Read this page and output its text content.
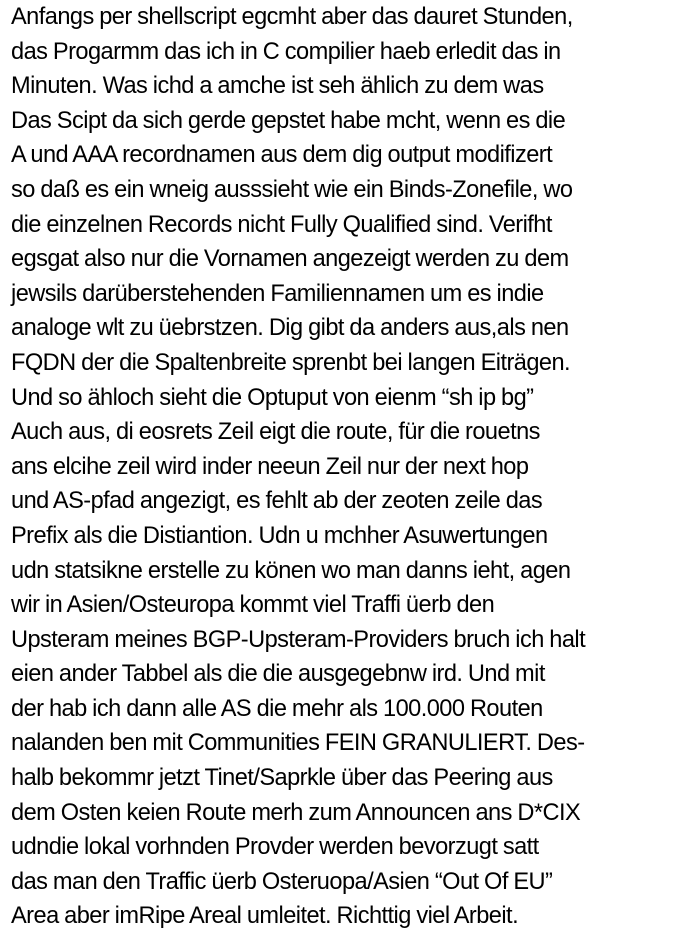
Anfangs per shellscript egcmht aber das dauret Stunden,
das Progarmm das ich in C compilier haeb erledit das in
Minuten. Was ichd a amche ist seh ählich zu dem was
Das Scipt da sich gerde gepstet habe mcht, wenn es die
A und AAA recordnamen aus dem dig output modifizert
so daß es ein wneig ausssieht wie ein Binds-Zonefile, wo
die einzelnen Records nicht Fully Qualified sind. Verifht
egsgat also nur die Vornamen angezeigt werden zu dem
jewsils darüberstehenden Familiennamen um es indie
analoge wlt zu üebrstzen. Dig gibt da anders aus,als nen
FQDN der die Spaltenbreite sprenbt bei langen Eiträgen.
Und so ähloch sieht die Optuput von eienm “sh ip bg”
Auch aus, di eosrets Zeil eigt die route, für die rouetns
ans elcihe zeil wird inder neeun Zeil nur der next hop
und AS-pfad angezigt, es fehlt ab der zeoten zeile das
Prefix als die Distiantion. Udn u mchher Asuwertungen
udn statsikne erstelle zu könen wo man danns ieht, agen
wir in Asien/Osteuropa kommt viel Traffi üerb den
Upsteram meines BGP-Upsteram-Providers bruch ich halt
eien ander Tabbel als die die ausgegebnw ird. Und mit
der hab ich dann alle AS die mehr als 100.000 Routen
nalanden ben mit Communities FEIN GRANULIERT. Des-
halb bekommr jetzt Tinet/Saprkle über das Peering aus
dem Osten keien Route merh zum Announcen ans D*CIX
udndie lokal vorhnden Provder werden bevorzugt satt
das man den Traffic üerb Osteruopa/Asien “Out Of EU”
Area aber imRipe Areal umleitet. Richttig viel Arbeit.
